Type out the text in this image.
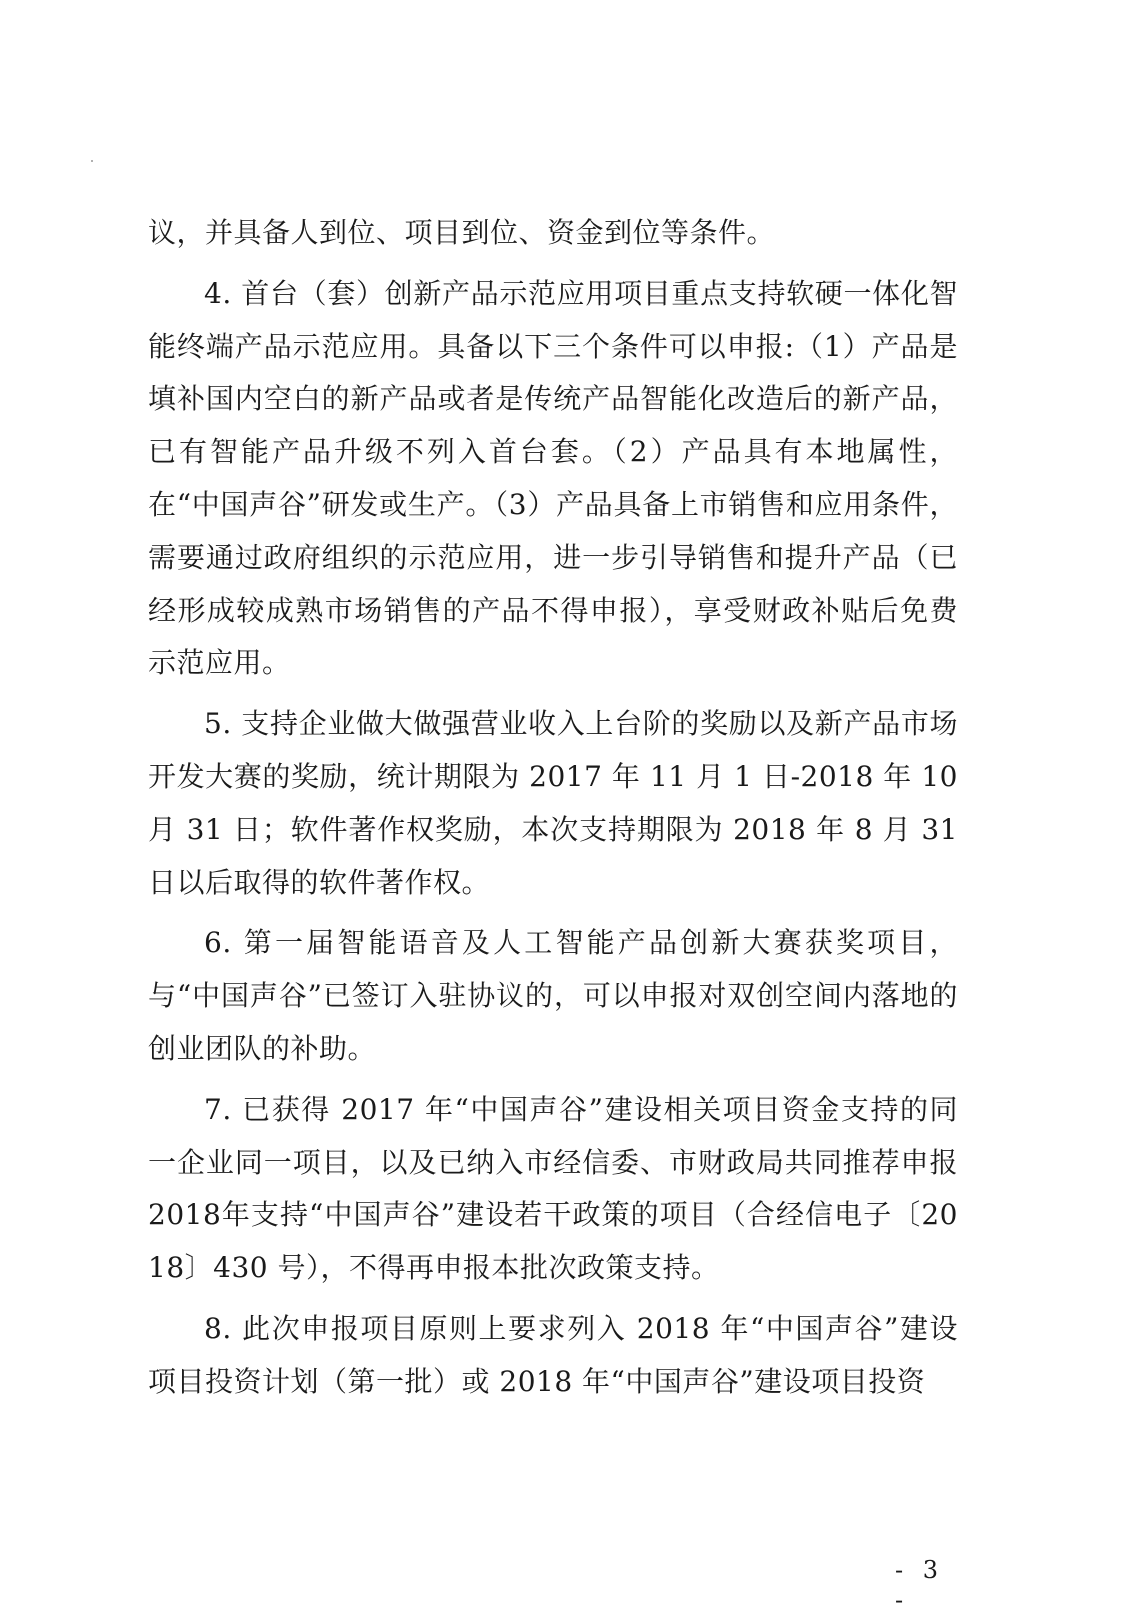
议，并具备人到位、项目到位、资金到位等条件。

4. 首台（套）创新产品示范应用项目重点支持软硬一体化智能终端产品示范应用。具备以下三个条件可以申报:（1）产品是填补国内空白的新产品或者是传统产品智能化改造后的新产品，已有智能产品升级不列入首台套。（2）产品具有本地属性，在“中国声谷”研发或生产。（3）产品具备上市销售和应用条件，需要通过政府组织的示范应用，进一步引导销售和提升产品（已经形成较成熟市场销售的产品不得申报），享受财政补贴后免费示范应用。

5. 支持企业做大做强营业收入上台阶的奖励以及新产品市场开发大赛的奖励，统计期限为 2017 年 11 月 1 日-2018 年 10 月 31 日；软件著作权奖励，本次支持期限为 2018 年 8 月 31 日以后取得的软件著作权。

6. 第一届智能语音及人工智能产品创新大赛获奖项目，与“中国声谷”已签订入驻协议的，可以申报对双创空间内落地的创业团队的补助。

7. 已获得 2017 年“中国声谷”建设相关项目资金支持的同一企业同一项目，以及已纳入市经信委、市财政局共同推荐申报2018年支持“中国声谷”建设若干政策的项目（合经信电子〔2018〕430 号），不得再申报本批次政策支持。

8. 此次申报项目原则上要求列入 2018 年“中国声谷”建设项目投资计划（第一批）或 2018 年“中国声谷”建设项目投资

- 3 -
